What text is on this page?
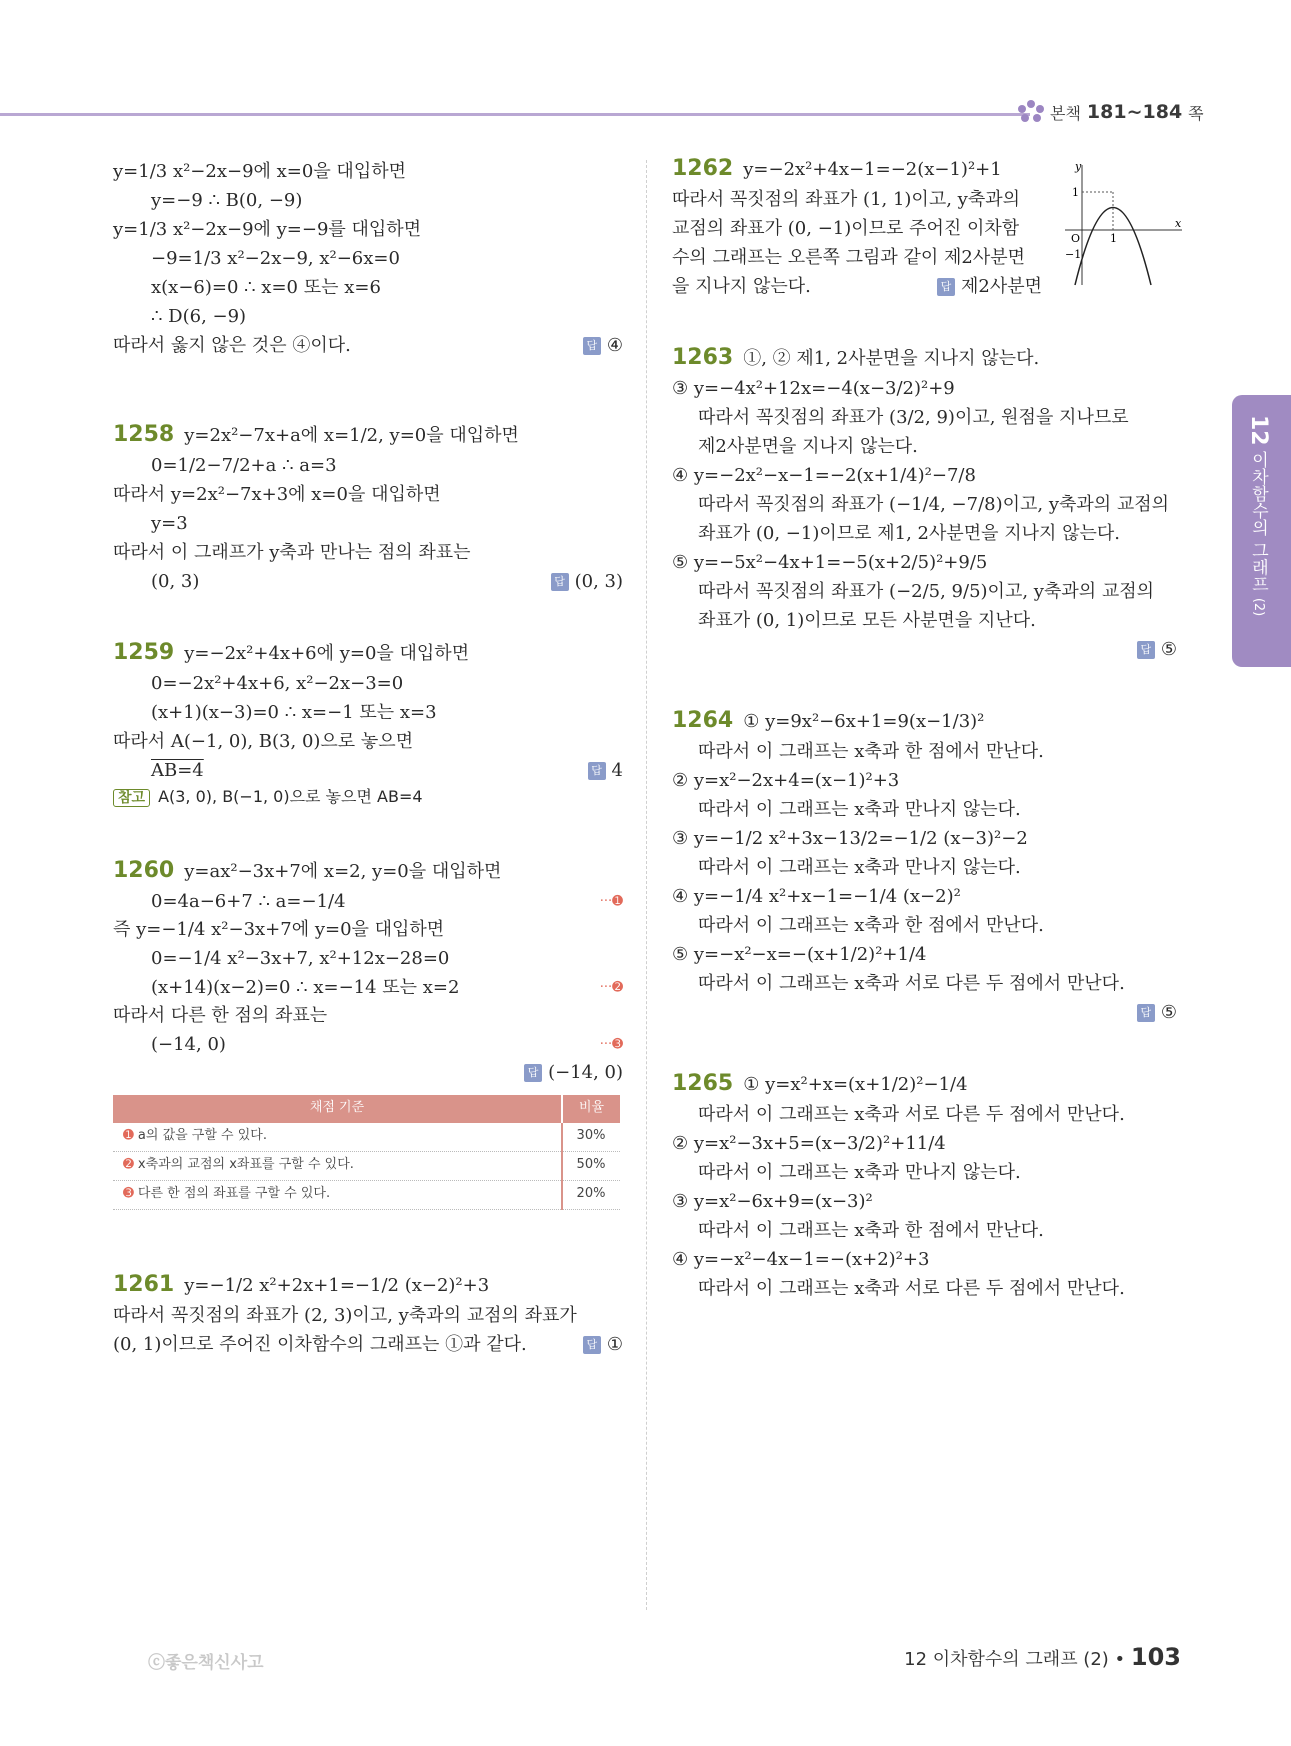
본책 181~184 쪽
y=1/3 x²−2x−9에 x=0을 대입하면
y=−9 ∴ B(0, −9)
y=1/3 x²−2x−9에 y=−9를 대입하면
−9=1/3 x²−2x−9, x²−6x=0
x(x−6)=0 ∴ x=0 또는 x=6
∴ D(6, −9)
따라서 옳지 않은 것은 ④이다.	답 ④
1258 y=2x²−7x+a에 x=1/2, y=0을 대입하면
0=1/2−7/2+a ∴ a=3
따라서 y=2x²−7x+3에 x=0을 대입하면
y=3
따라서 이 그래프가 y축과 만나는 점의 좌표는
(0, 3)	답 (0, 3)
1259 y=−2x²+4x+6에 y=0을 대입하면
0=−2x²+4x+6, x²−2x−3=0
(x+1)(x−3)=0 ∴ x=−1 또는 x=3
따라서 A(−1, 0), B(3, 0)으로 놓으면
AB=4	답 4
참고 A(3, 0), B(−1, 0)으로 놓으면 AB=4
1260 y=ax²−3x+7에 x=2, y=0을 대입하면
0=4a−6+7 ∴ a=−1/4	···➊
즉 y=−1/4 x²−3x+7에 y=0을 대입하면
0=−1/4 x²−3x+7, x²+12x−28=0
(x+14)(x−2)=0 ∴ x=−14 또는 x=2	···➋
따라서 다른 한 점의 좌표는
(−14, 0)	···➌
답 (−14, 0)
채점 기준	비율
➊ a의 값을 구할 수 있다.	30%
➋ x축과의 교점의 x좌표를 구할 수 있다.	50%
➌ 다른 한 점의 좌표를 구할 수 있다.	20%
1261 y=−1/2 x²+2x+1=−1/2 (x−2)²+3
따라서 꼭짓점의 좌표가 (2, 3)이고, y축과의 교점의 좌표가
(0, 1)이므로 주어진 이차함수의 그래프는 ①과 같다.	답 ①
1262 y=−2x²+4x−1=−2(x−1)²+1
따라서 꼭짓점의 좌표가 (1, 1)이고, y축과의
교점의 좌표가 (0, −1)이므로 주어진 이차함
수의 그래프는 오른쪽 그림과 같이 제2사분면
을 지나지 않는다.	답 제2사분면
1263 ①, ② 제1, 2사분면을 지나지 않는다.
③ y=−4x²+12x=−4(x−3/2)²+9
따라서 꼭짓점의 좌표가 (3/2, 9)이고, 원점을 지나므로
제2사분면을 지나지 않는다.
④ y=−2x²−x−1=−2(x+1/4)²−7/8
따라서 꼭짓점의 좌표가 (−1/4, −7/8)이고, y축과의 교점의
좌표가 (0, −1)이므로 제1, 2사분면을 지나지 않는다.
⑤ y=−5x²−4x+1=−5(x+2/5)²+9/5
따라서 꼭짓점의 좌표가 (−2/5, 9/5)이고, y축과의 교점의
좌표가 (0, 1)이므로 모든 사분면을 지난다.
답 ⑤
1264 ① y=9x²−6x+1=9(x−1/3)²
따라서 이 그래프는 x축과 한 점에서 만난다.
② y=x²−2x+4=(x−1)²+3
따라서 이 그래프는 x축과 만나지 않는다.
③ y=−1/2 x²+3x−13/2=−1/2 (x−3)²−2
따라서 이 그래프는 x축과 만나지 않는다.
④ y=−1/4 x²+x−1=−1/4 (x−2)²
따라서 이 그래프는 x축과 한 점에서 만난다.
⑤ y=−x²−x=−(x+1/2)²+1/4
따라서 이 그래프는 x축과 서로 다른 두 점에서 만난다.
답 ⑤
1265 ① y=x²+x=(x+1/2)²−1/4
따라서 이 그래프는 x축과 서로 다른 두 점에서 만난다.
② y=x²−3x+5=(x−3/2)²+11/4
따라서 이 그래프는 x축과 만나지 않는다.
③ y=x²−6x+9=(x−3)²
따라서 이 그래프는 x축과 한 점에서 만난다.
④ y=−x²−4x−1=−(x+2)²+3
따라서 이 그래프는 x축과 서로 다른 두 점에서 만난다.
y
x
O
1
1
−1
12 이차함수의 그래프 (2)
ⓒ좋은책신사고	12 이차함수의 그래프 (2) • 103
